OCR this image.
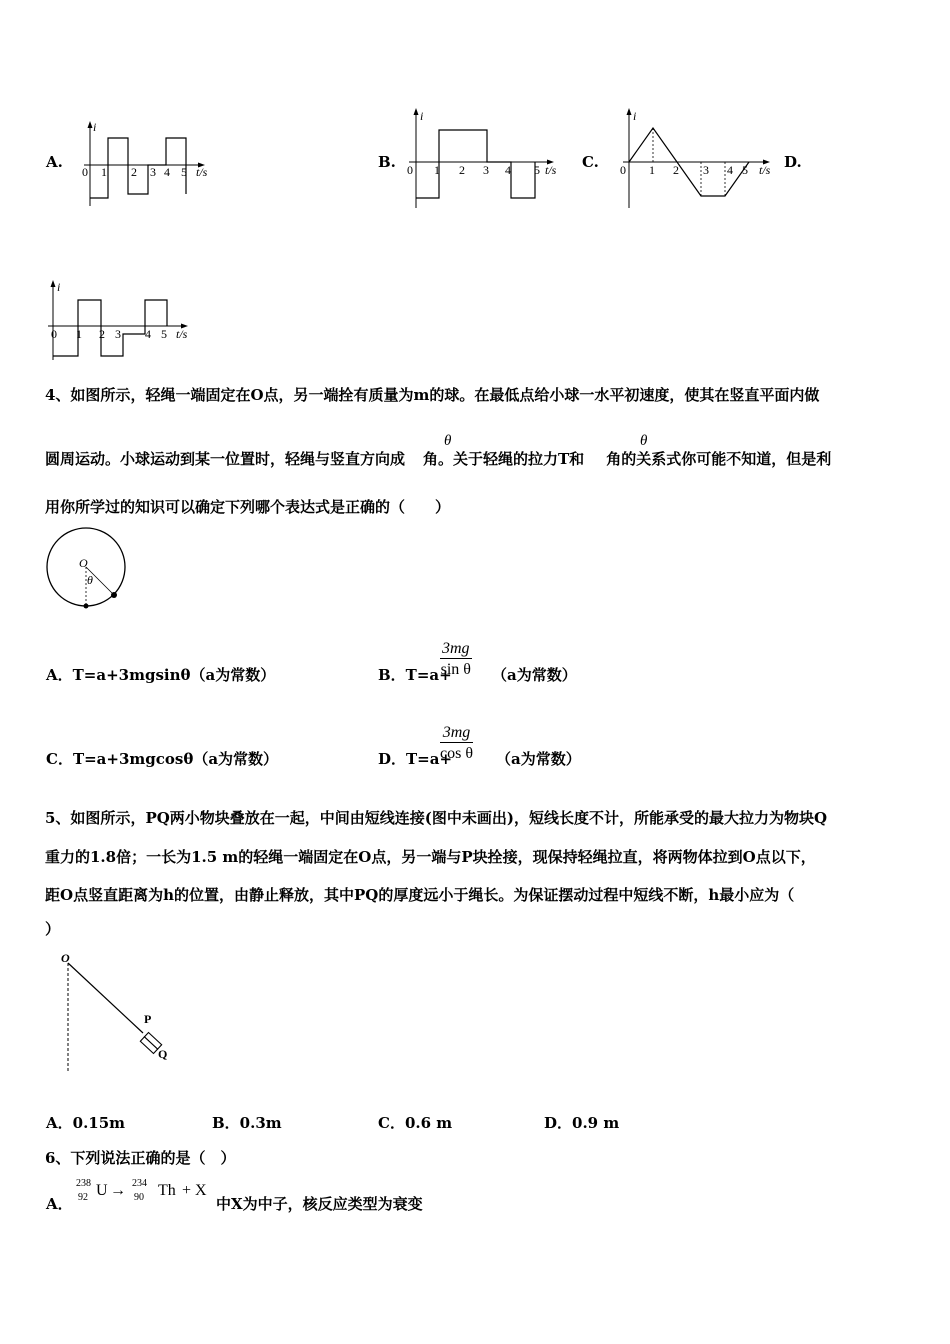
A.
i
t/s
0 1 2 3 4 5
B.
i
t/s
0 1 2 3 4 5	C.
i
t/s
0 1 2 3 4 5 D.
i
t/s
0 1 2 3 4 5
4、如图所示，轻绳一端固定在O点，另一端拴有质量为m的球。在最低点给小球一水平初速度，使其在竖直平面内做
圆周运动。小球运动到某一位置时，轻绳与竖直方向成 角。关于轻绳的拉力T和 角的关系式你可能不知道，但是利
θ	θ
用你所学过的知识可以确定下列哪个表达式是正确的（　　）
O
θ
A．T=a+3mgsinθ（a为常数）	B．T=a+
$\frac{3mg}{\text{sin θ}} (a$为常数）
C．T=a+3mgcosθ（a为常数）	D．T=a+
$\frac{3mg}{\text{cos θ}} (a$为常数）
5、如图所示，PQ两小物块叠放在一起，中间由短线连接(图中未画出)，短线长度不计，所能承受的最大拉力为物块Q
重力的1.8倍；一长为1.5 m的轻绳一端固定在O点，另一端与P块拴接，现保持轻绳拉直，将两物体拉到O点以下，
距O点竖直距离为h的位置，由静止释放，其中PQ的厚度远小于绳长。为保证摆动过程中短线不断，h最小应为（
）
O
P
Q
A．0.15m	B．0.3m	C．0.6 m	D．0.9 m
6、下列说法正确的是（　）
A．
238
92 U → 234
90 Th + X
中X为中子，核反应类型为衰变
